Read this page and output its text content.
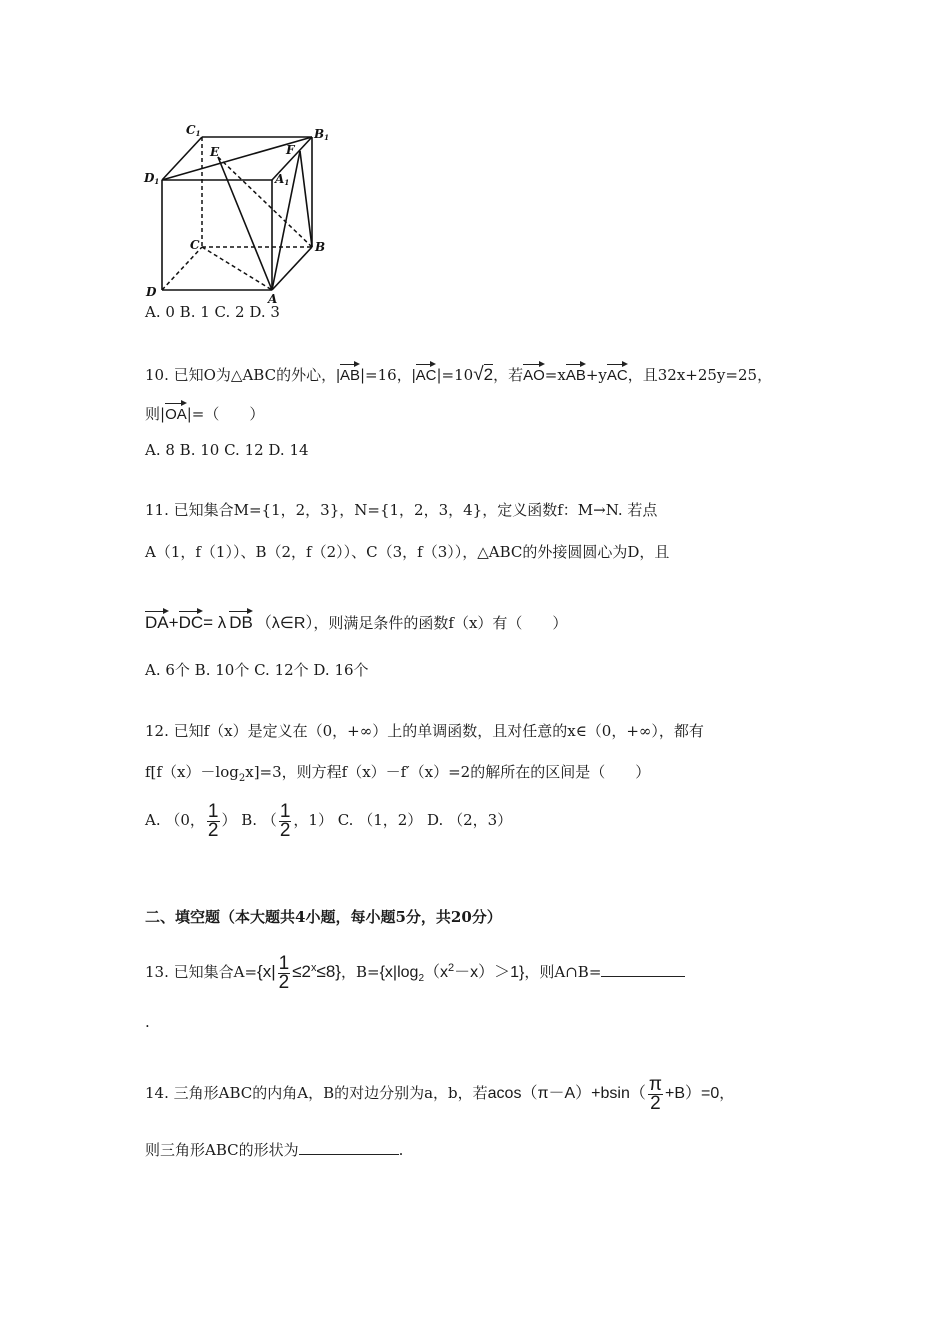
C1	B1
D1	A1
E	F
C	B
D	A
A. 0 B. 1 C. 2 D. 3
10. 已知O为△ABC的外心，|AB|=16，|AC|=10√2，若AO=xAB+yAC，且32x+25y=25，
则|OA|=（　　）
A. 8 B. 10 C. 12 D. 14
11. 已知集合M={1，2，3}，N={1，2，3，4}，定义函数f：M→N. 若点
A（1，f（1））、B（2，f（2））、C（3，f（3）），△ABC的外接圆圆心为D，且
DA+DC= λ DB （λ∈R），则满足条件的函数f（x）有（　　）
A. 6个 B. 10个 C. 12个 D. 16个
12. 已知f（x）是定义在（0，+∞）上的单调函数，且对任意的x∈（0，+∞），都有
$f[f(x)-\log_2x]=3$，则方程f（x）－f′（x）=2的解所在的区间是（　　）
A. （0， $\frac{1}{2}$ ） B. （ $\frac{1}{2}$ ，1） C. （1，2） D. （2，3）
二、填空题（本大题共4小题，每小题5分，共20分）
13. 已知集合$A=\{x| \frac{1}{2} \le 2^x\le 8\}$，$B=\{x|\log_2(x^2-x)>1\}$，则A∩B=
.
14. 三角形ABC的内角A，B的对边分别为a，b，若$acos(\pi-A)+bsin( \frac{\pi}{2} +B)=0$，
则三角形ABC的形状为	.
